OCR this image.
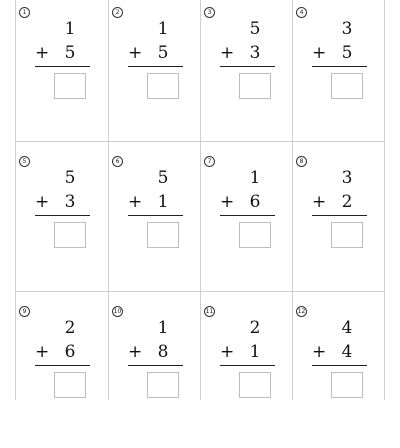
1
1
+ 5
2
1
+ 5
3
5
+ 3
4
3
+ 5
5
5
+ 3
6
5
+ 1
7
1
+ 6
8
3
+ 2
9
2
+ 6
10
1
+ 8
11
2
+ 1
12
4
+ 4
